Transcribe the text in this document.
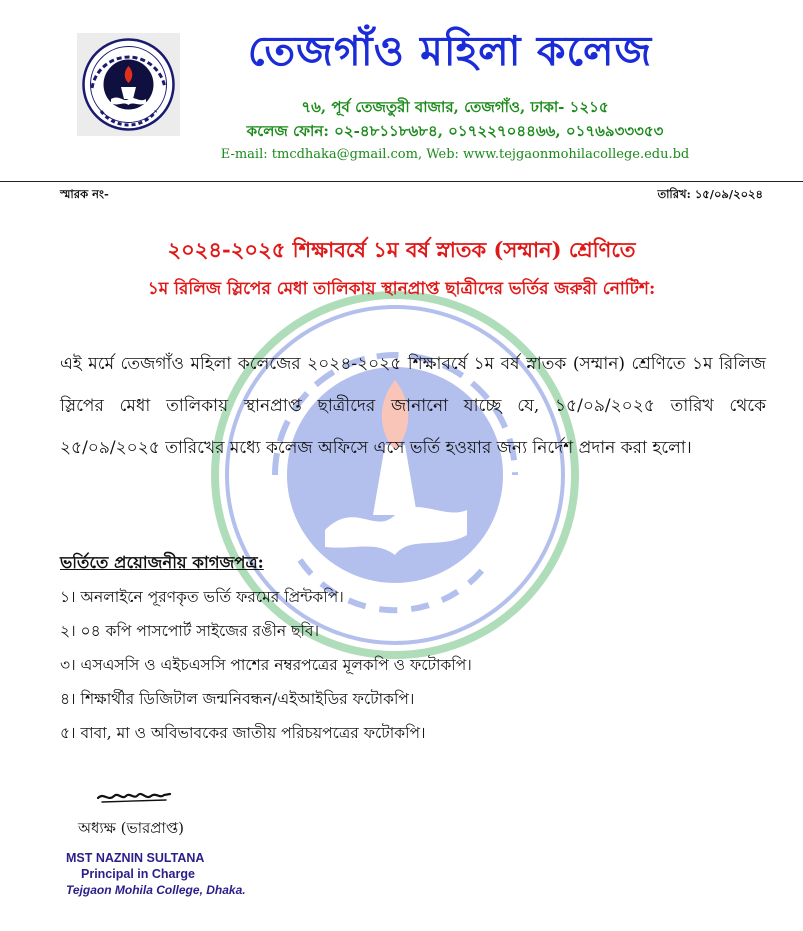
তেজগাঁও মহিলা কলেজ
৭৬, পূর্ব তেজতুরী বাজার, তেজগাঁও, ঢাকা- ১২১৫
কলেজ ফোন: ০২-৪৮১১৮৬৮৪, ০১৭২২৭০৪৪৬৬, ০১৭৬৯৩৩৩৫৩
E-mail: tmcdhaka@gmail.com, Web: www.tejgaonmohilacollege.edu.bd
স্মারক নং-	তারিখ: ১৫/০৯/২০২৪
২০২৪-২০২৫ শিক্ষাবর্ষে ১ম বর্ষ স্নাতক (সম্মান) শ্রেণিতে
১ম রিলিজ স্লিপের মেধা তালিকায় স্থানপ্রাপ্ত ছাত্রীদের ভর্তির জরুরী নোটিশ:
এই মর্মে তেজগাঁও মহিলা কলেজের ২০২৪-২০২৫ শিক্ষাবর্ষে ১ম বর্ষ স্নাতক (সম্মান) শ্রেণিতে ১ম রিলিজ স্লিপের মেধা তালিকায় স্থানপ্রাপ্ত ছাত্রীদের জানানো যাচ্ছে যে, ১৫/০৯/২০২৫ তারিখ থেকে ২৫/০৯/২০২৫ তারিখের মধ্যে কলেজ অফিসে এসে ভর্তি হওয়ার জন্য নির্দেশ প্রদান করা হলো।
ভর্তিতে প্রয়োজনীয় কাগজপত্র:
১। অনলাইনে পূরণকৃত ভর্তি ফরমের প্রিন্টকপি।
২। ০৪ কপি পাসপোর্ট সাইজের রঙীন ছবি।
৩। এসএসসি ও এইচএসসি পাশের নম্বরপত্রের মূলকপি ও ফটোকপি।
৪। শিক্ষার্থীর ডিজিটাল জন্মনিবন্ধন/এইআইডির ফটোকপি।
৫। বাবা, মা ও অবিভাবকের জাতীয় পরিচয়পত্রের ফটোকপি।
অধ্যক্ষ (ভারপ্রাপ্ত)
MST NAZNIN SULTANA
Principal in Charge
Tejgaon Mohila College, Dhaka.
